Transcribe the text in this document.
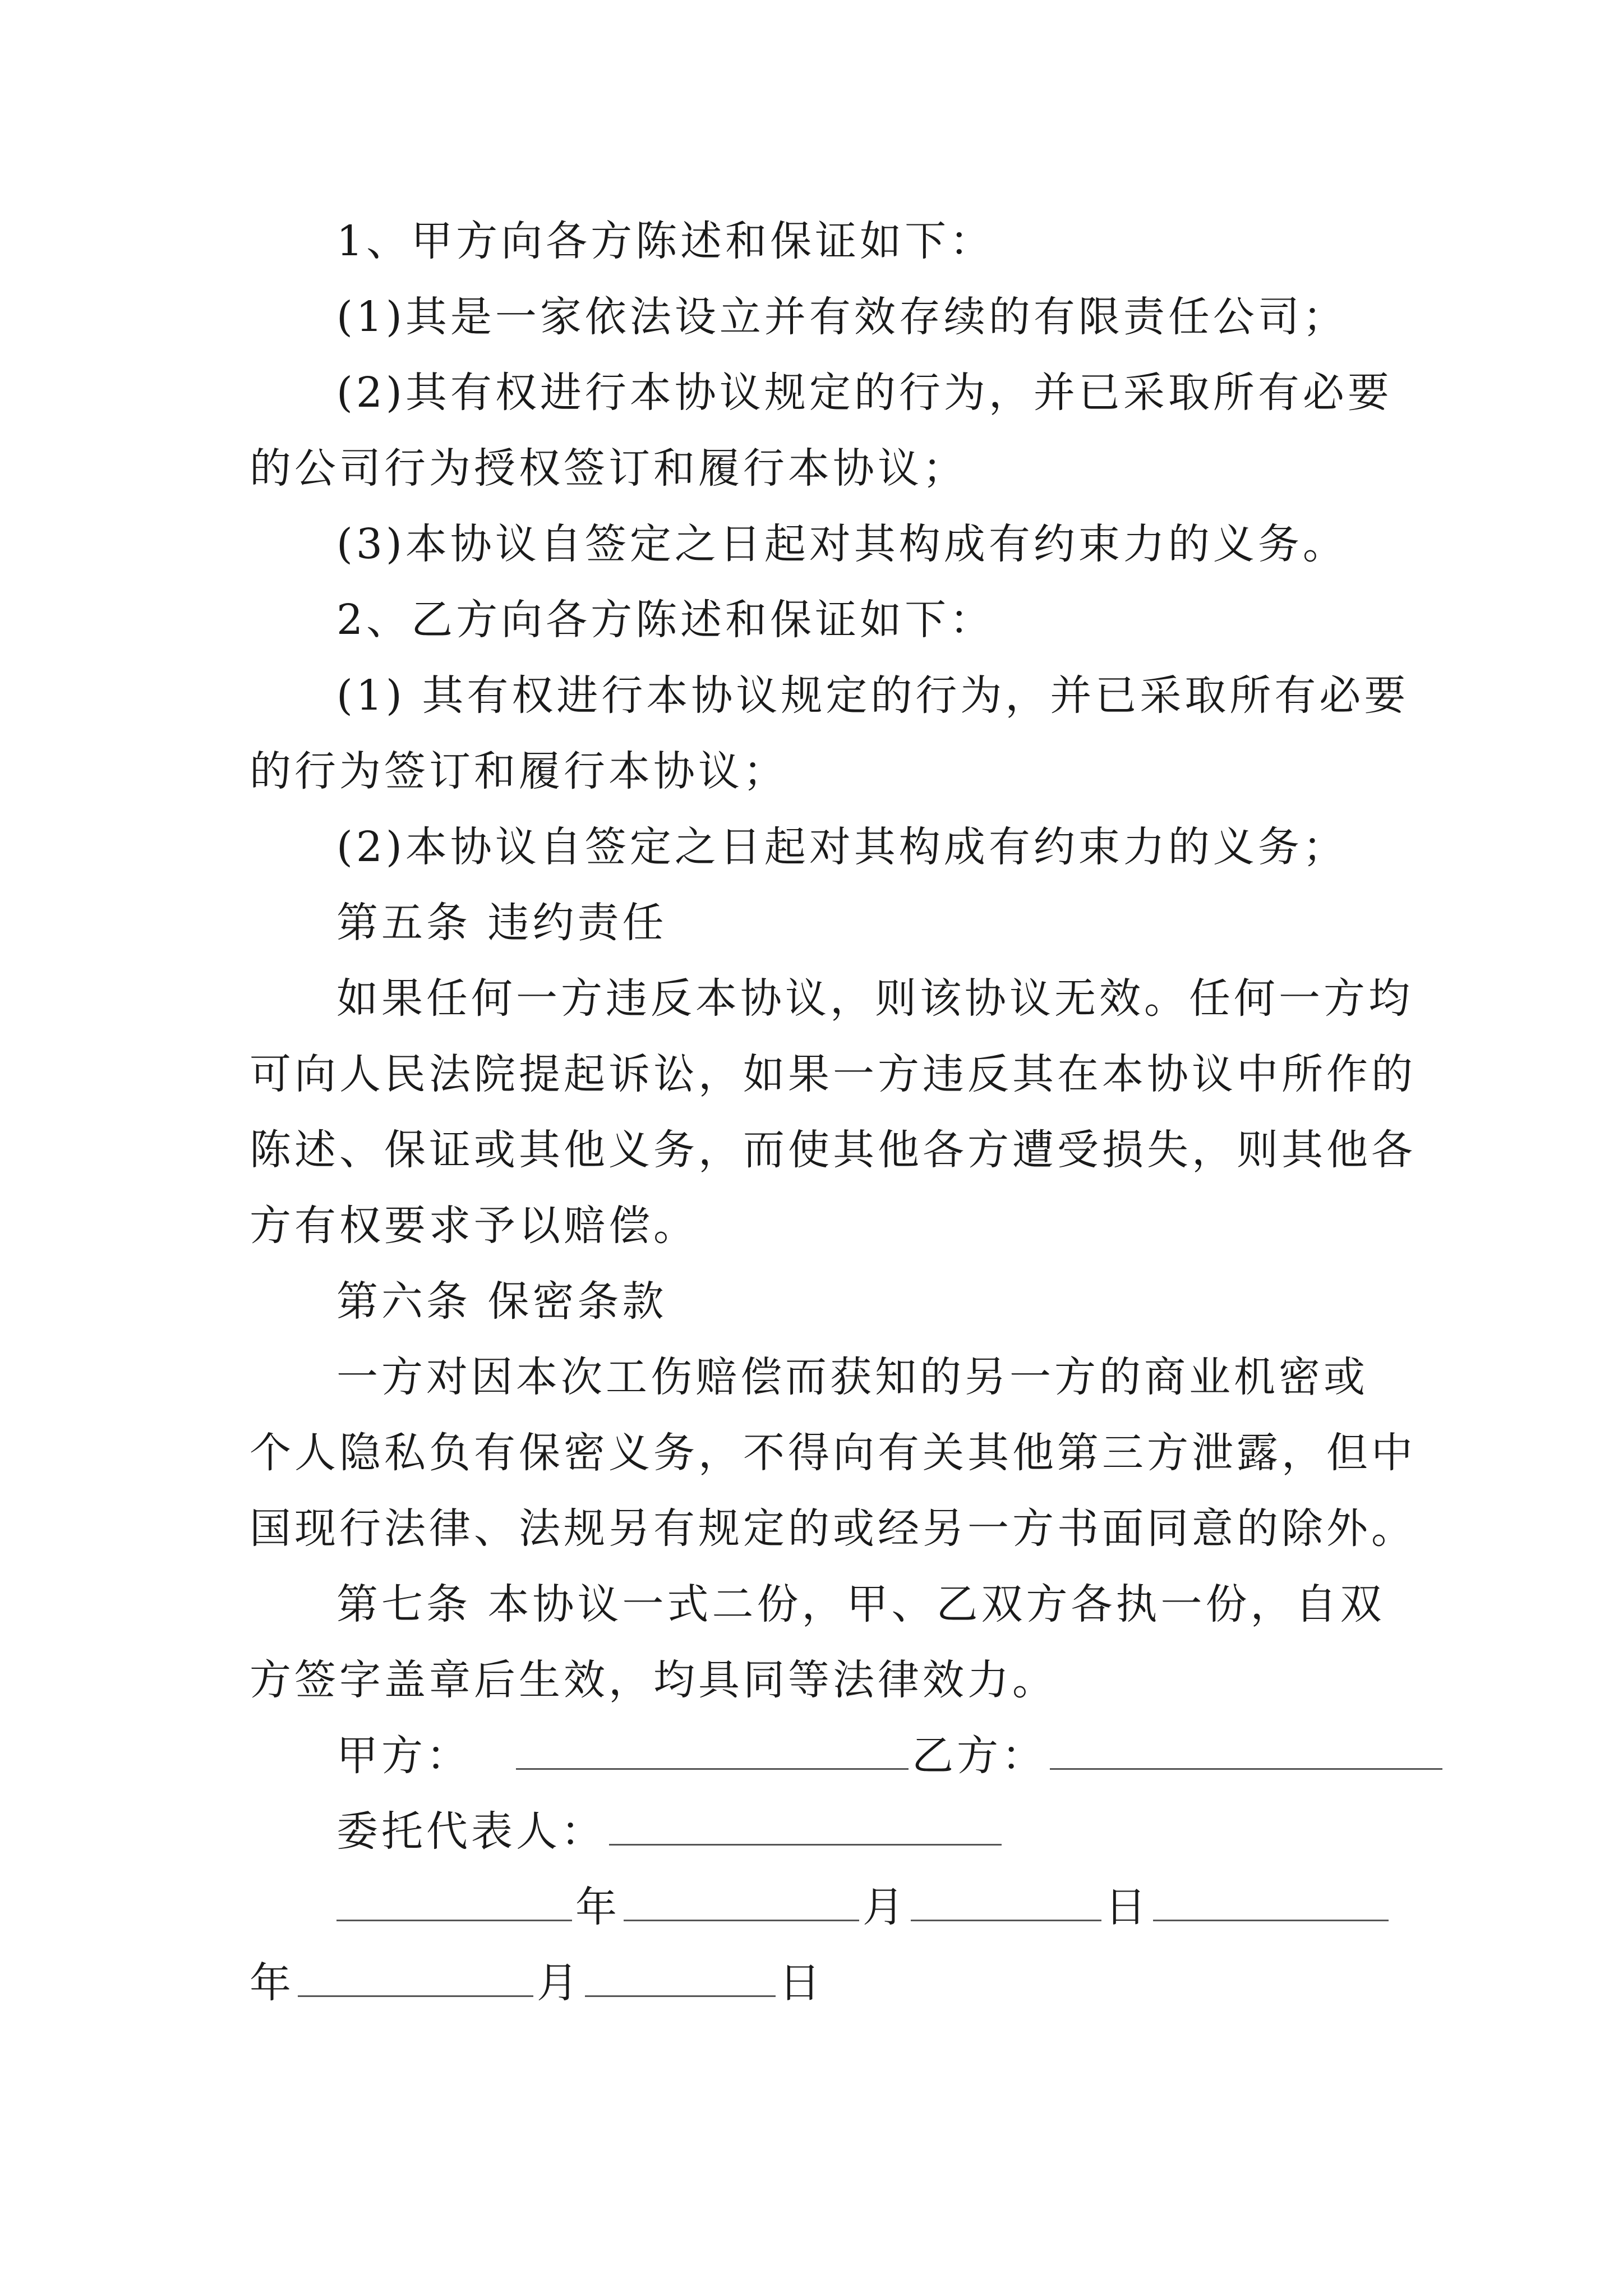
1、甲方向各方陈述和保证如下：
(1)其是一家依法设立并有效存续的有限责任公司；
(2)其有权进行本协议规定的行为，并已采取所有必要
的公司行为授权签订和履行本协议；
(3)本协议自签定之日起对其构成有约束力的义务。
2、乙方向各方陈述和保证如下：
(1) 其有权进行本协议规定的行为，并已采取所有必要
的行为签订和履行本协议；
(2)本协议自签定之日起对其构成有约束力的义务；
第五条 违约责任
如果任何一方违反本协议，则该协议无效。任何一方均
可向人民法院提起诉讼，如果一方违反其在本协议中所作的
陈述、保证或其他义务，而使其他各方遭受损失，则其他各
方有权要求予以赔偿。
第六条 保密条款
一方对因本次工伤赔偿而获知的另一方的商业机密或
个人隐私负有保密义务，不得向有关其他第三方泄露，但中
国现行法律、法规另有规定的或经另一方书面同意的除外。
第七条 本协议一式二份，甲、乙双方各执一份，自双
方签字盖章后生效，均具同等法律效力。
甲方：	乙方：
委托代表人：
年	月	日
年	月	日
